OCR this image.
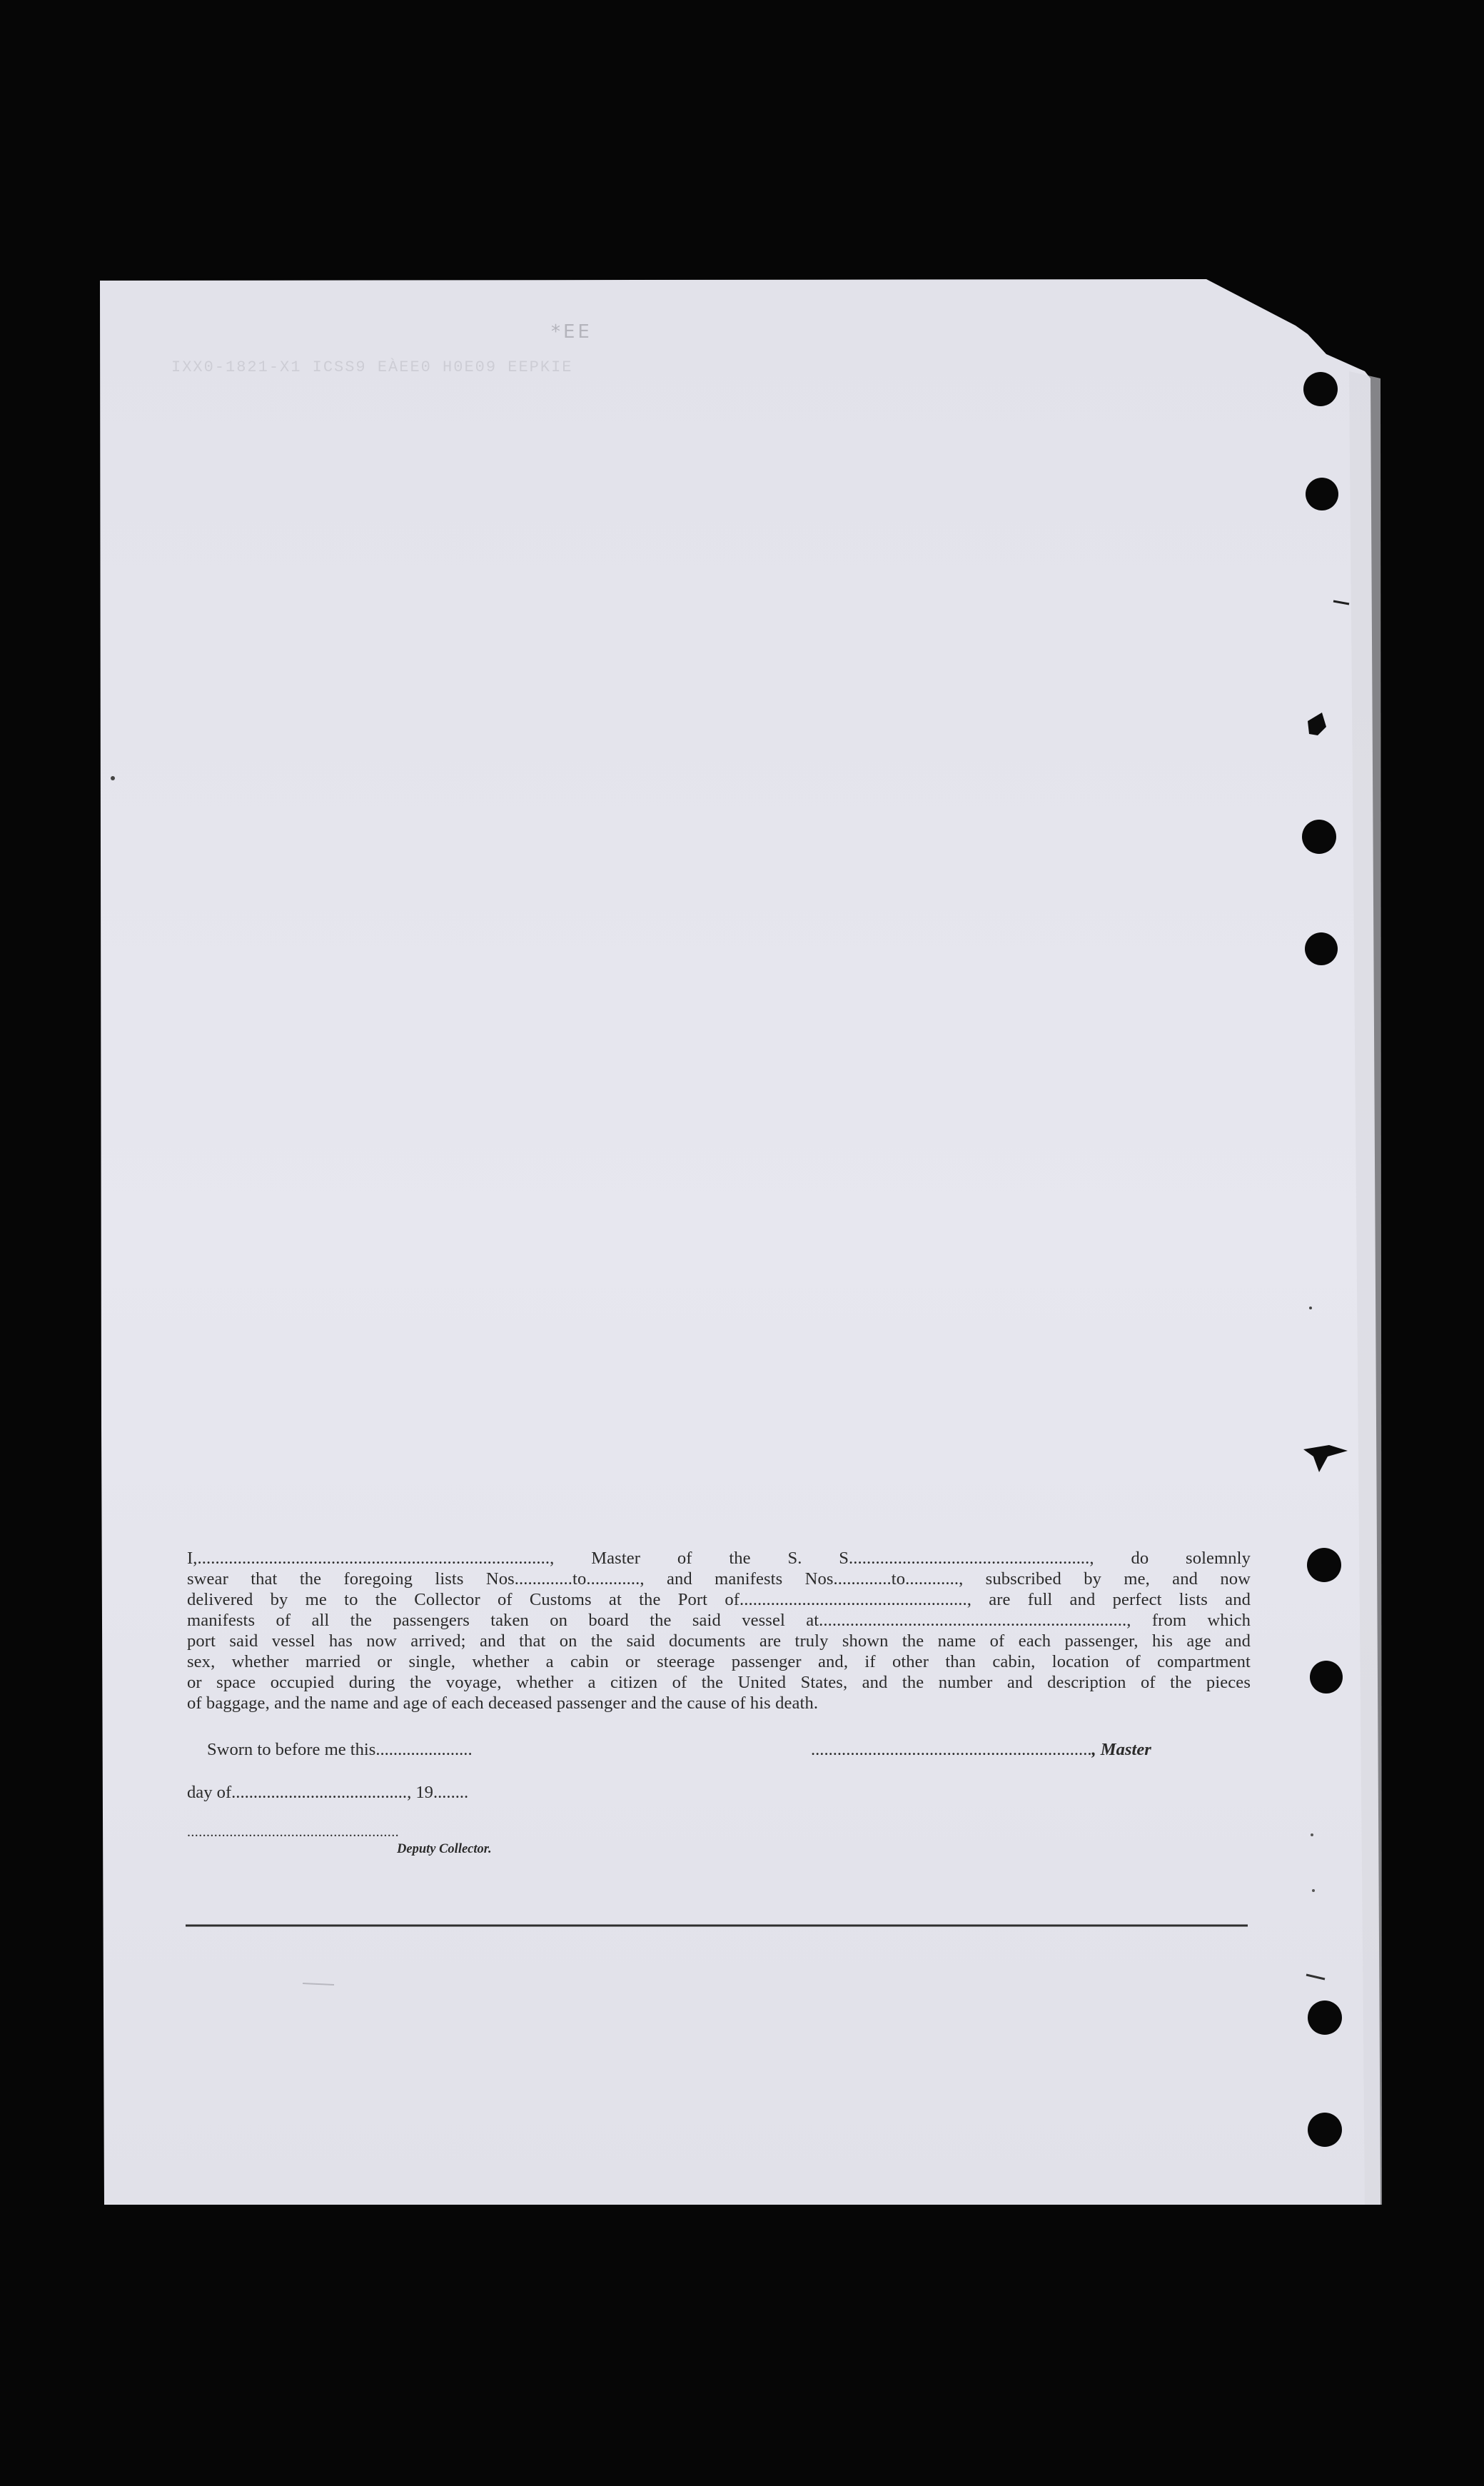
*EE
IXX0-1821-X1 ICSS9 EÀEE0 H0E09 EEPKIE
I,..............................................................................., Master of the S. S......................................................, do solemnly
swear that the foregoing lists Nos.............to............, and manifests Nos.............to............, subscribed by me, and now
delivered by me to the Collector of Customs at the Port of..................................................., are full and perfect lists and
manifests of all the passengers taken on board the said vessel at....................................................................., from which
port said vessel has now arrived; and that on the said documents are truly shown the name of each passenger, his age and
sex, whether married or single, whether a cabin or steerage passenger and, if other than cabin, location of compartment
or space occupied during the voyage, whether a citizen of the United States, and the number and description of the pieces
of baggage, and the name and age of each deceased passenger and the cause of his death.
Sworn to before me this......................	................................................................, Master
day of........................................, 19........
.......................................................
Deputy Collector.
